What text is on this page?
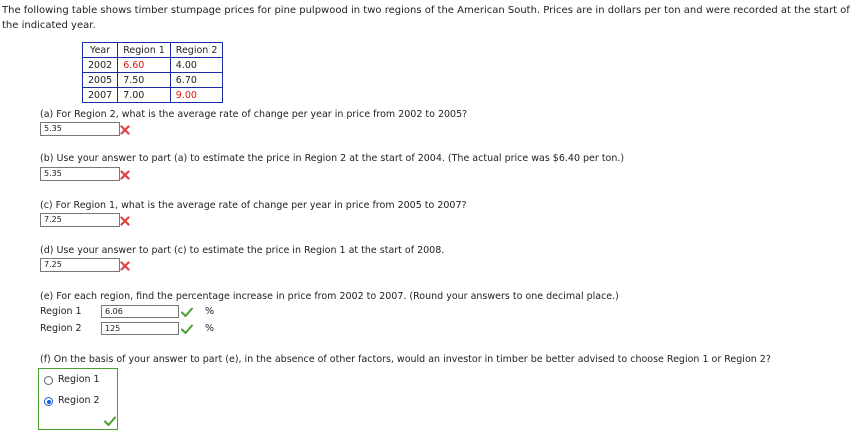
The following table shows timber stumpage prices for pine pulpwood in two regions of the American South. Prices are in dollars per ton and were recorded at the start of the indicated year.
Year	Region 1	Region 2
2002	6.60	4.00
2005	7.50	6.70
2007	7.00	9.00
(a) For Region 2, what is the average rate of change per year in price from 2002 to 2005?
5.35
(b) Use your answer to part (a) to estimate the price in Region 2 at the start of 2004. (The actual price was $6.40 per ton.)
5.35
(c) For Region 1, what is the average rate of change per year in price from 2005 to 2007?
7.25
(d) Use your answer to part (c) to estimate the price in Region 1 at the start of 2008.
7.25
(e) For each region, find the percentage increase in price from 2002 to 2007. (Round your answers to one decimal place.)
Region 1	6.06	%
Region 2	125	%
(f) On the basis of your answer to part (e), in the absence of other factors, would an investor in timber be better advised to choose Region 1 or Region 2?
Region 1
Region 2
